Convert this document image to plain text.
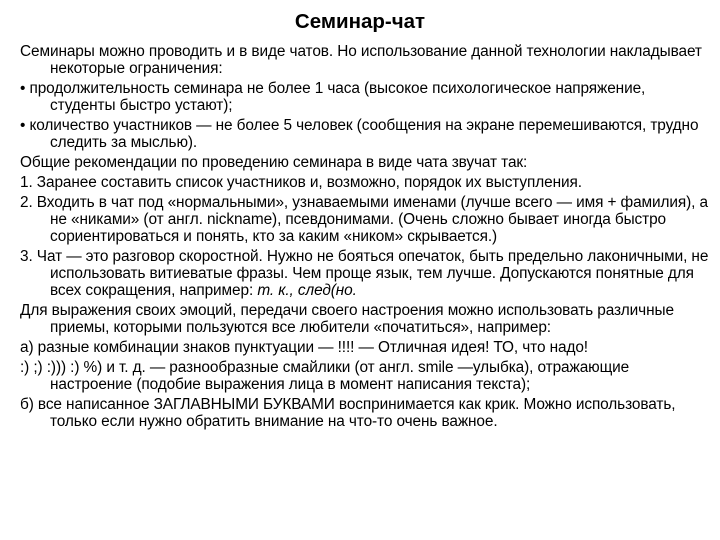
Семинар-чат

Семинары можно проводить и в виде чатов. Но использование данной технологии накладывает некоторые ограничения:

• продолжительность семинара не более 1 часа (высокое психологическое напряжение, студенты быстро устают);

• количество участников — не более 5 человек (сообщения на экране перемешиваются, трудно следить за мыслью).

Общие рекомендации по проведению семинара в виде чата звучат так:

1. Заранее составить список участников и, возможно, порядок их выступления.

2. Входить в чат под «нормальными», узнаваемыми именами (лучше всего — имя + фамилия), а не «никами» (от англ. nickname), псевдонимами. (Очень сложно бывает иногда быстро сориентироваться и понять, кто за каким «ником» скрывается.)

3. Чат — это разговор скоростной. Нужно не бояться опечаток, быть предельно лаконичными, не использовать витиеватые фразы. Чем проще язык, тем лучше. Допускаются понятные для всех сокращения, например: т. к., след(но.

Для выражения своих эмоций, передачи своего настроения можно использовать различные приемы, которыми пользуются все любители «початиться», например:

а) разные комбинации знаков пунктуации — !!!! — Отличная идея! ТО, что надо!

:) ;) :))) :) %) и т. д. — разнообразные смайлики (от англ. smile —улыбка), отражающие настроение (подобие выражения лица в момент написания текста);

б) все написанное ЗАГЛАВНЫМИ БУКВАМИ воспринимается как крик. Можно использовать, только если нужно обратить внимание на что-то очень важное.
